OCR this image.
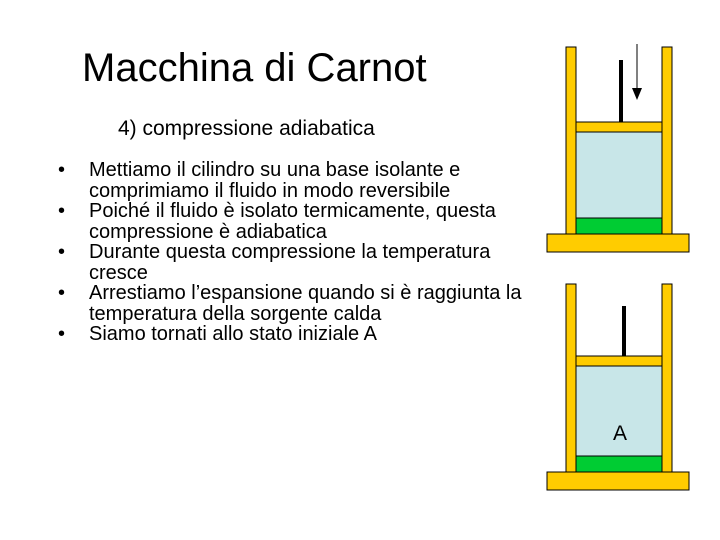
Macchina di Carnot
4) compressione adiabatica
•	Mettiamo il cilindro su una base isolante e comprimiamo il fluido in modo reversibile
•	Poiché il fluido è isolato termicamente, questa compressione è adiabatica
•	Durante questa compressione la temperatura cresce
•	Arrestiamo l’espansione quando si è raggiunta la temperatura della sorgente calda
•	Siamo tornati allo stato iniziale A
A
